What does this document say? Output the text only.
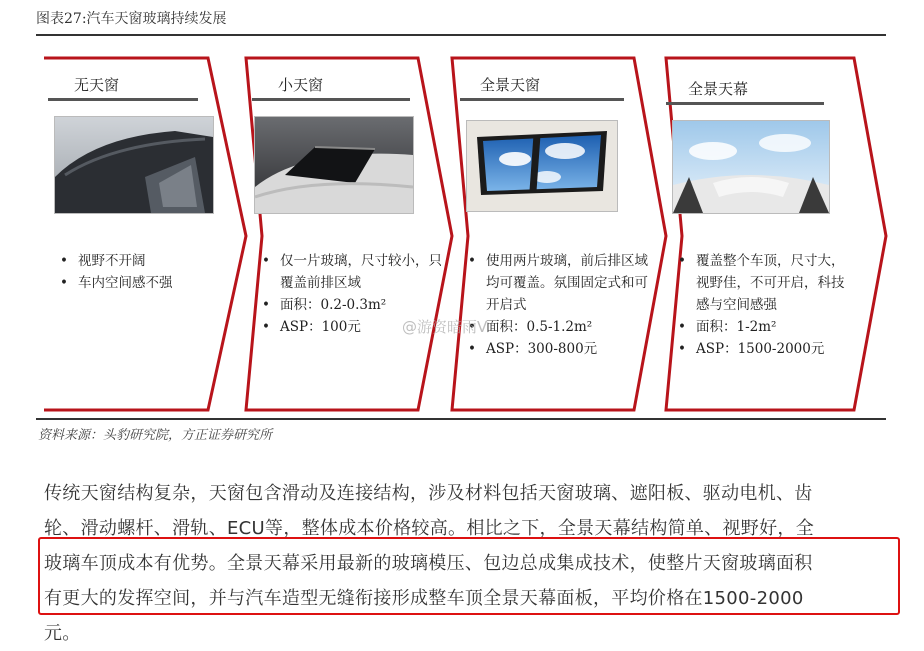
图表27:汽车天窗玻璃持续发展
无天窗
• 视野不开阔
• 车内空间感不强
小天窗
• 仅一片玻璃，尺寸较小，只覆盖前排区域
• 面积：0.2-0.3m²
• ASP：100元
全景天窗
• 使用两片玻璃，前后排区域均可覆盖。氛围固定式和可开启式
• 面积：0.5-1.2m²
• ASP：300-800元
全景天幕
• 覆盖整个车顶，尺寸大，视野佳，不可开启，科技感与空间感强
• 面积：1-2m²
• ASP：1500-2000元
@游资暗雨V
资料来源：头豹研究院，方正证券研究所
传统天窗结构复杂，天窗包含滑动及连接结构，涉及材料包括天窗玻璃、遮阳板、驱动电机、齿
轮、滑动螺杆、滑轨、ECU等，整体成本价格较高。相比之下，全景天幕结构简单、视野好，全
玻璃车顶成本有优势。全景天幕采用最新的玻璃模压、包边总成集成技术，使整片天窗玻璃面积
有更大的发挥空间，并与汽车造型无缝衔接形成整车顶全景天幕面板，平均价格在1500-2000
元。
